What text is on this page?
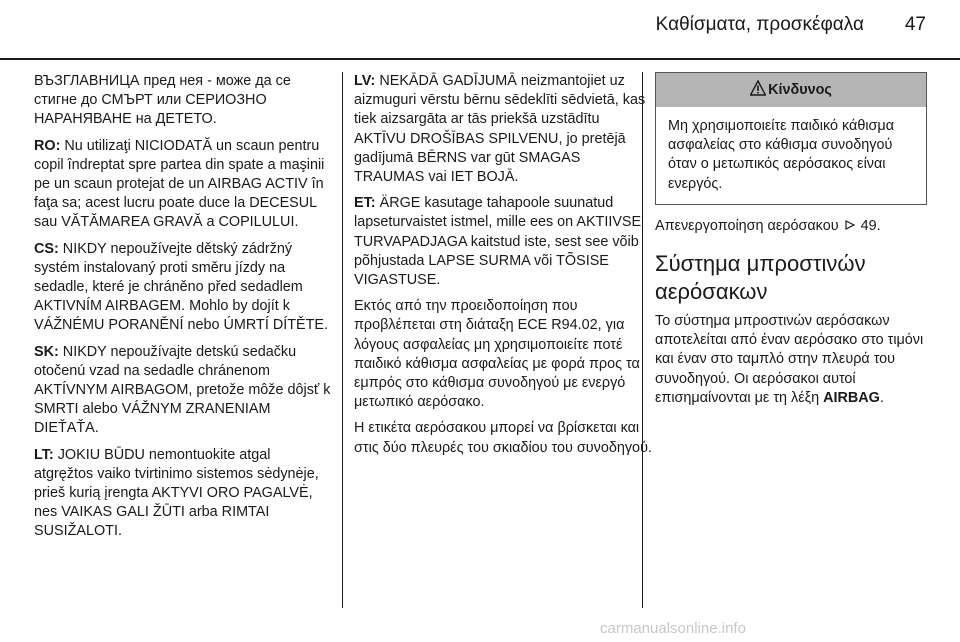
Καθίσματα, προσκέφαλα	47

ВЪЗГЛАВНИЦА пред нея - може да се стигне до СМЪРТ или СЕРИОЗНО НАРАНЯВАНЕ на ДЕТЕТО.

RO: Nu utilizaţi NICIODATĂ un scaun pentru copil îndreptat spre partea din spate a maşinii pe un scaun protejat de un AIRBAG ACTIV în faţa sa; acest lucru poate duce la DECESUL sau VĂTĂMAREA GRAVĂ a COPILULUI.

CS: NIKDY nepoužívejte dětský zádržný systém instalovaný proti směru jízdy na sedadle, které je chráněno před sedadlem AKTIVNÍM AIRBAGEM. Mohlo by dojít k VÁŽNÉMU PORANĚNÍ nebo ÚMRTÍ DÍTĚTE.

SK: NIKDY nepoužívajte detskú sedačku otočenú vzad na sedadle chránenom AKTÍVNYM AIRBAGOM, pretože môže dôjsť k SMRTI alebo VÁŽNYM ZRANENIAM DIEŤAŤA.

LT: JOKIU BŪDU nemontuokite atgal atgręžtos vaiko tvirtinimo sistemos sėdynėje, prieš kurią įrengta AKTYVI ORO PAGALVĖ, nes VAIKAS GALI ŽŪTI arba RIMTAI SUSIŽALOTI.

LV: NEKĀDĀ GADĪJUMĀ neizmantojiet uz aizmuguri vērstu bērnu sēdeklīti sēdvietā, kas tiek aizsargāta ar tās priekšā uzstādītu AKTĪVU DROŠĪBAS SPILVENU, jo pretējā gadījumā BĒRNS var gūt SMAGAS TRAUMAS vai IET BOJĀ.

ET: ÄRGE kasutage tahapoole suunatud lapseturvaistet istmel, mille ees on AKTIIVSE TURVAPADJAGA kaitstud iste, sest see võib põhjustada LAPSE SURMA või TÕSISE VIGASTUSE.

Εκτός από την προειδοποίηση που προβλέπεται στη διάταξη ECE R94.02, για λόγους ασφαλείας μη χρησιμοποιείτε ποτέ παιδικό κάθισμα ασφαλείας με φορά προς τα εμπρός στο κάθισμα συνοδηγού με ενεργό μετωπικό αερόσακο.

Η ετικέτα αερόσακου μπορεί να βρίσκεται και στις δύο πλευρές του σκιαδίου του συνοδηγού.

Κίνδυνος
Μη χρησιμοποιείτε παιδικό κάθισμα ασφαλείας στο κάθισμα συνοδηγού όταν ο μετωπικός αερόσακος είναι ενεργός.

Απενεργοποίηση αερόσακου 49.

Σύστημα μπροστινών αερόσακων

Το σύστημα μπροστινών αερόσακων αποτελείται από έναν αερόσακο στο τιμόνι και έναν στο ταμπλό στην πλευρά του συνοδηγού. Οι αερόσακοι αυτοί επισημαίνονται με τη λέξη AIRBAG.

carmanualsonline.info
